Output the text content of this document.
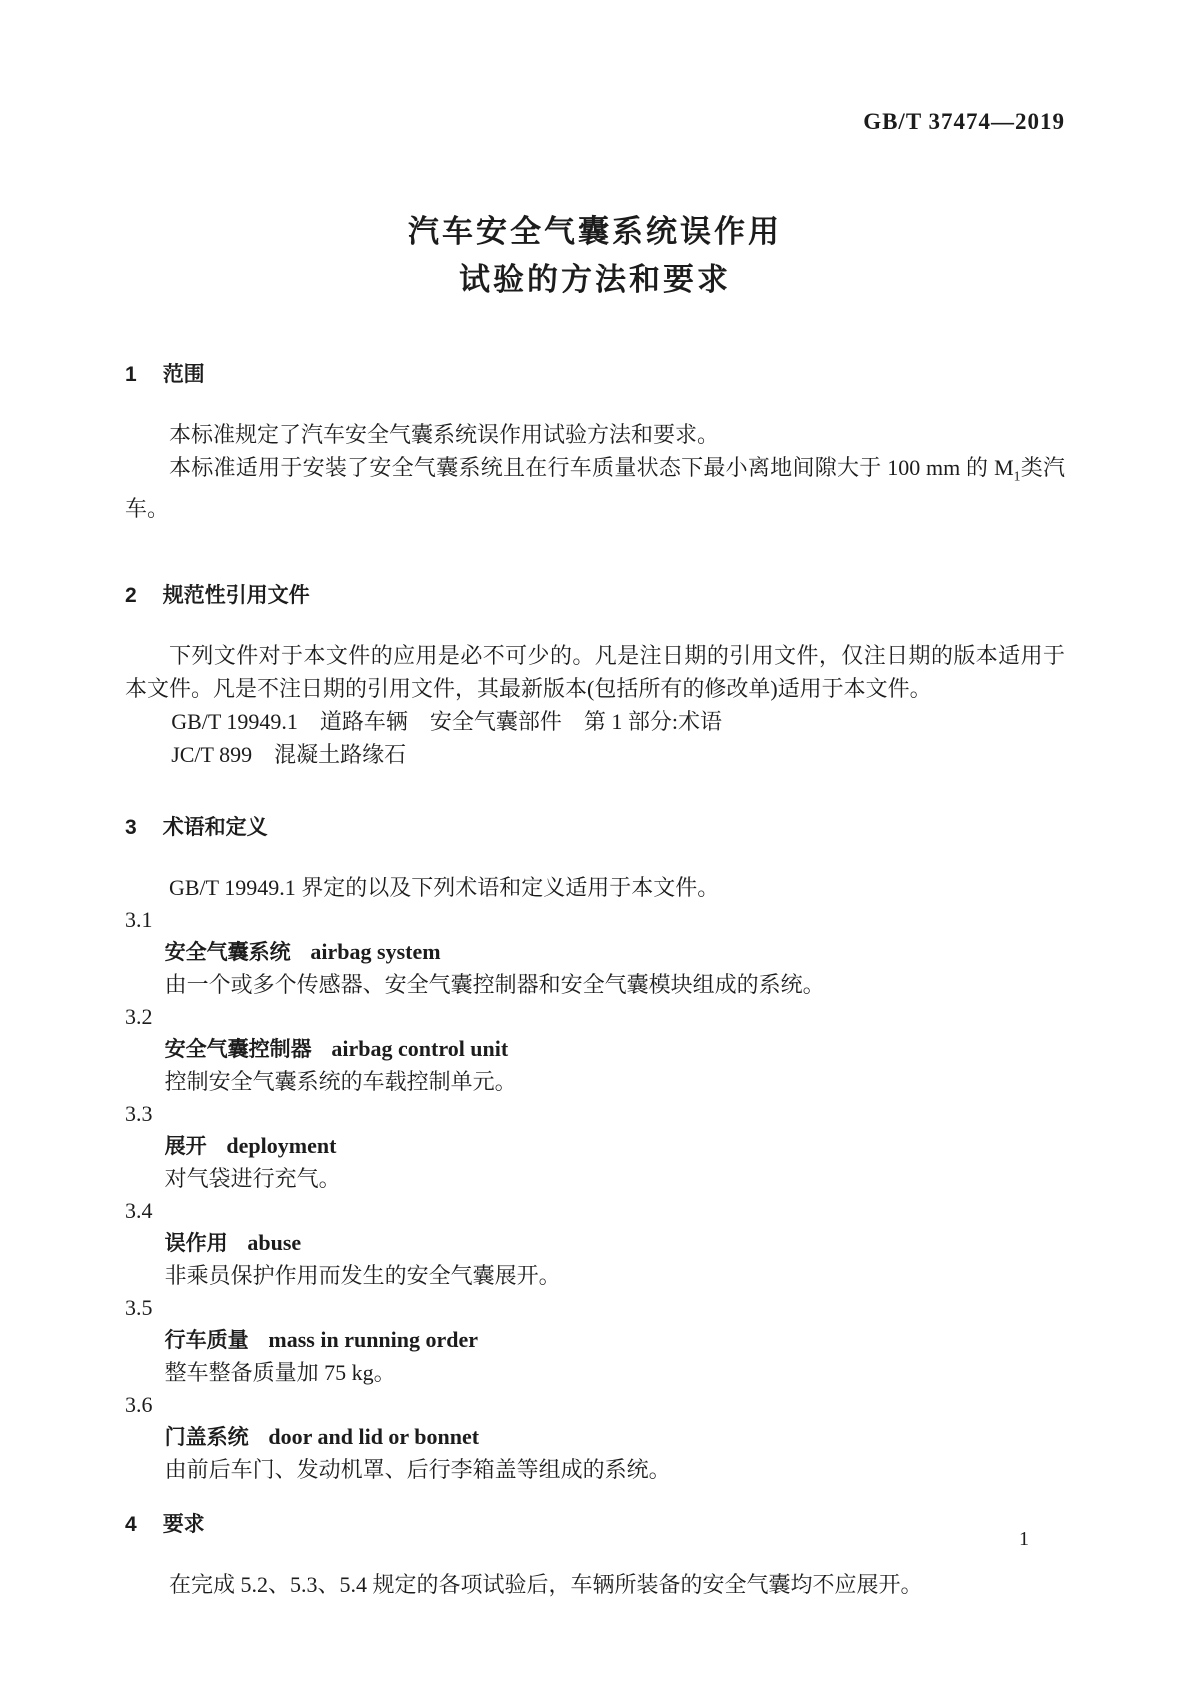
GB/T 37474—2019
汽车安全气囊系统误作用
试验的方法和要求
1 范围

本标准规定了汽车安全气囊系统误作用试验方法和要求。

本标准适用于安装了安全气囊系统且在行车质量状态下最小离地间隙大于 100 mm 的 $M_1$类汽车。

2 规范性引用文件

下列文件对于本文件的应用是必不可少的。凡是注日期的引用文件，仅注日期的版本适用于本文件。凡是不注日期的引用文件，其最新版本(包括所有的修改单)适用于本文件。

GB/T 19949.1　道路车辆　安全气囊部件　第 1 部分:术语

JC/T 899　混凝土路缘石

3 术语和定义

GB/T 19949.1 界定的以及下列术语和定义适用于本文件。

3.1

安全气囊系统 airbag system

由一个或多个传感器、安全气囊控制器和安全气囊模块组成的系统。

3.2

安全气囊控制器 airbag control unit

控制安全气囊系统的车载控制单元。

3.3

展开 deployment

对气袋进行充气。

3.4

误作用 abuse

非乘员保护作用而发生的安全气囊展开。

3.5

行车质量 mass in running order

整车整备质量加 75 kg。

3.6

门盖系统 door and lid or bonnet

由前后车门、发动机罩、后行李箱盖等组成的系统。

4 要求

在完成 5.2、5.3、5.4 规定的各项试验后，车辆所装备的安全气囊均不应展开。

1
